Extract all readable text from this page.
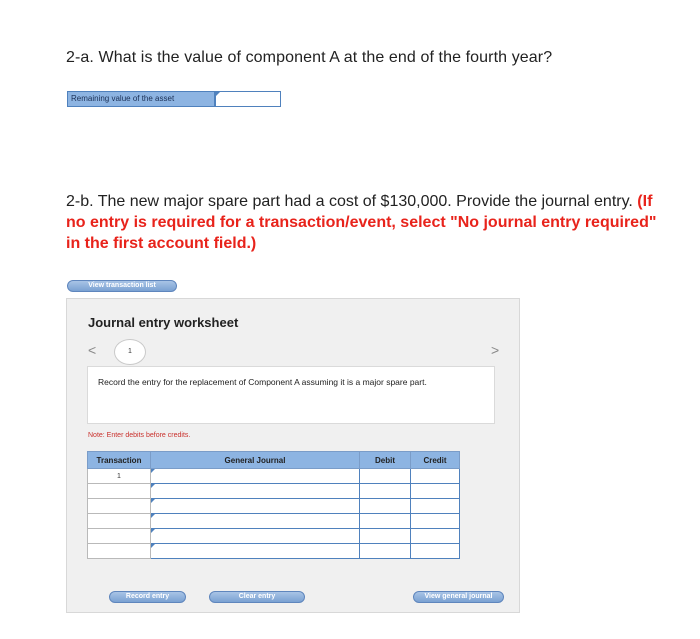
2-a. What is the value of component A at the end of the fourth year?
Remaining value of the asset
2-b. The new major spare part had a cost of $130,000. Provide the journal entry. (If no entry is required for a transaction/event, select "No journal entry required" in the first account field.)
View transaction list
Journal entry worksheet
<	1	>
Record the entry for the replacement of Component A assuming it is a major spare part.
Note: Enter debits before credits.
Transaction	General Journal	Debit	Credit
1	

Record entry	Clear entry	View general journal
